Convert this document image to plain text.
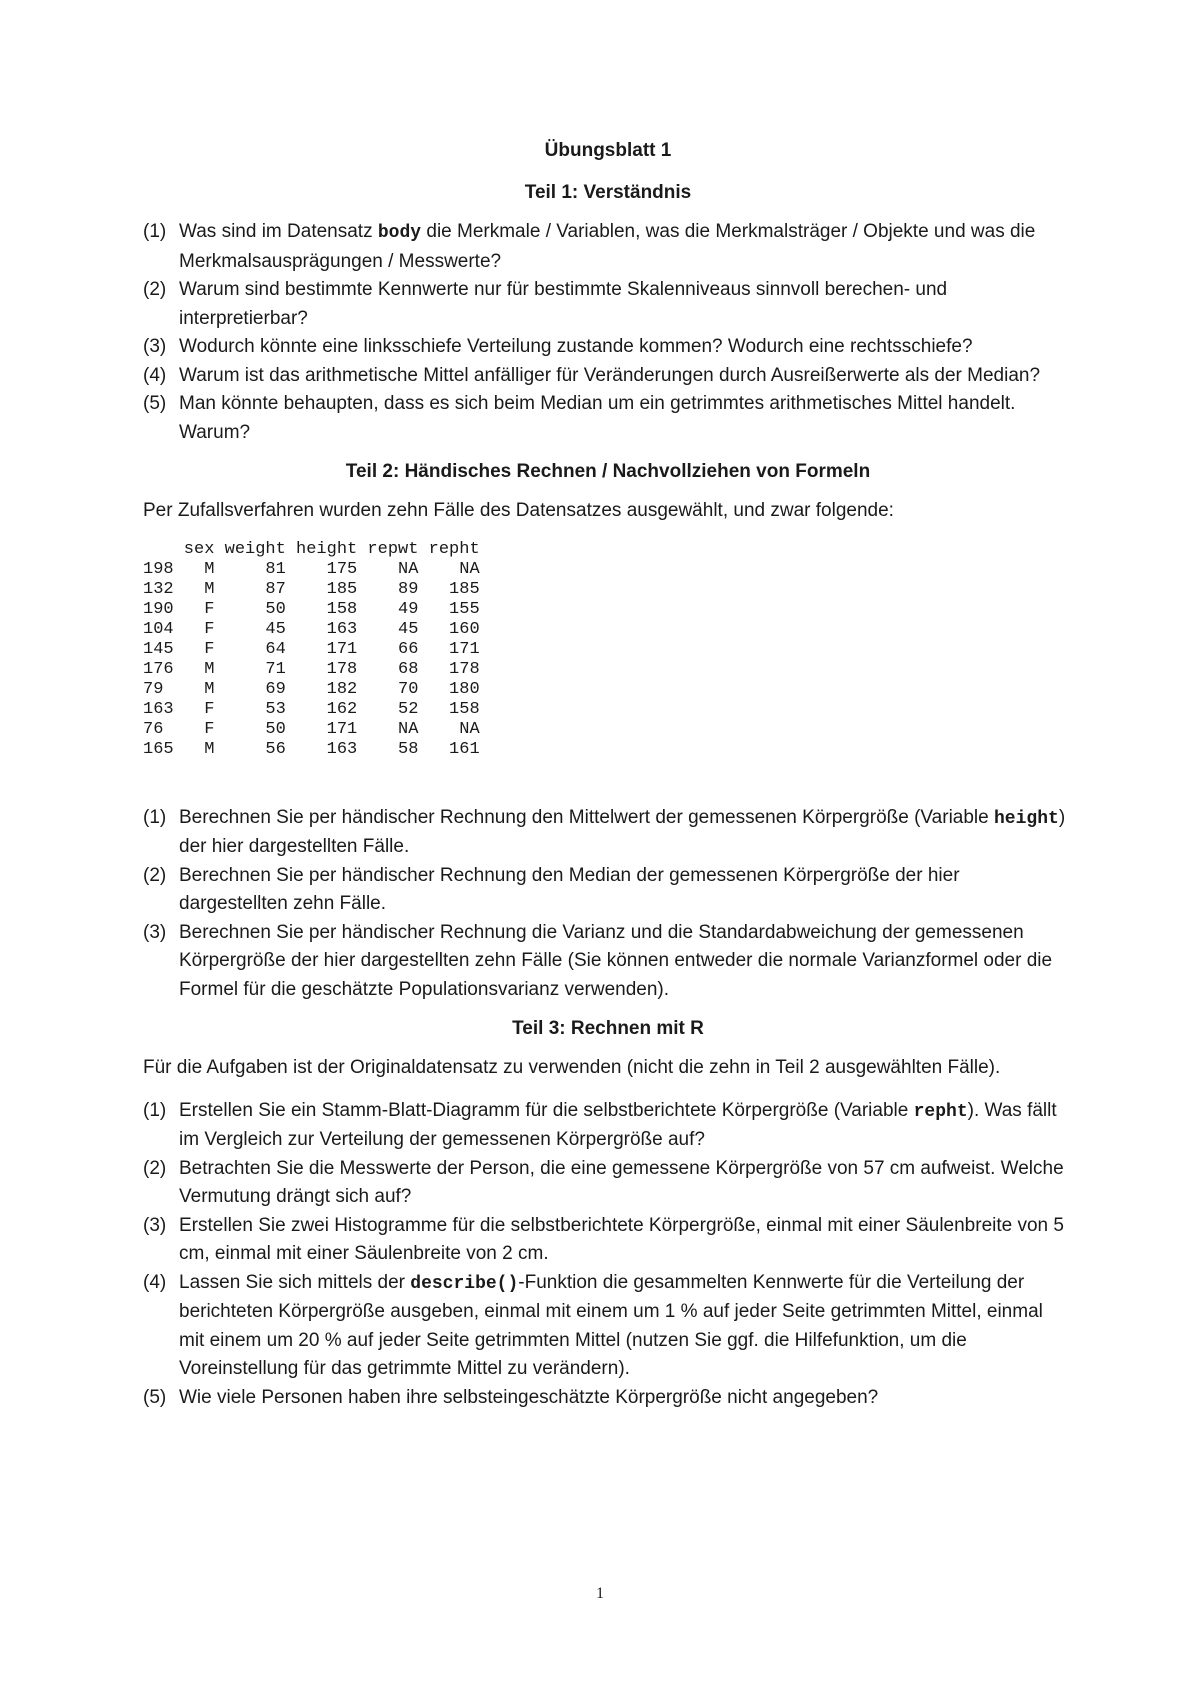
Übungsblatt 1
Teil 1: Verständnis
(1) Was sind im Datensatz body die Merkmale / Variablen, was die Merkmalsträger / Objekte und was die Merkmalsausprägungen / Messwerte?
(2) Warum sind bestimmte Kennwerte nur für bestimmte Skalenniveaus sinnvoll berechen- und interpretierbar?
(3) Wodurch könnte eine linksschiefe Verteilung zustande kommen? Wodurch eine rechtsschiefe?
(4) Warum ist das arithmetische Mittel anfälliger für Veränderungen durch Ausreißerwerte als der Median?
(5) Man könnte behaupten, dass es sich beim Median um ein getrimmtes arithmetisches Mittel handelt. Warum?
Teil 2: Händisches Rechnen / Nachvollziehen von Formeln

Per Zufallsverfahren wurden zehn Fälle des Datensatzes ausgewählt, und zwar folgende:

sex weight height repwt repht
198   M     81    175    NA    NA
132   M     87    185    89   185
190   F     50    158    49   155
104   F     45    163    45   160
145   F     64    171    66   171
176   M     71    178    68   178
79    M     69    182    70   180
163   F     53    162    52   158
76    F     50    171    NA    NA
165   M     56    163    58   161
(1) Berechnen Sie per händischer Rechnung den Mittelwert der gemessenen Körpergröße (Variable height) der hier dargestellten Fälle.
(2) Berechnen Sie per händischer Rechnung den Median der gemessenen Körpergröße der hier dargestellten zehn Fälle.
(3) Berechnen Sie per händischer Rechnung die Varianz und die Standardabweichung der gemessenen Körpergröße der hier dargestellten zehn Fälle (Sie können entweder die normale Varianzformel oder die Formel für die geschätzte Populationsvarianz verwenden).
Teil 3: Rechnen mit R

Für die Aufgaben ist der Originaldatensatz zu verwenden (nicht die zehn in Teil 2 ausgewählten Fälle).

(1) Erstellen Sie ein Stamm-Blatt-Diagramm für die selbstberichtete Körpergröße (Variable repht). Was fällt im Vergleich zur Verteilung der gemessenen Körpergröße auf?
(2) Betrachten Sie die Messwerte der Person, die eine gemessene Körpergröße von 57 cm aufweist. Welche Vermutung drängt sich auf?
(3) Erstellen Sie zwei Histogramme für die selbstberichtete Körpergröße, einmal mit einer Säulenbreite von 5 cm, einmal mit einer Säulenbreite von 2 cm.
(4) Lassen Sie sich mittels der describe()-Funktion die gesammelten Kennwerte für die Verteilung der berichteten Körpergröße ausgeben, einmal mit einem um 1 % auf jeder Seite getrimmten Mittel, einmal mit einem um 20 % auf jeder Seite getrimmten Mittel (nutzen Sie ggf. die Hilfefunktion, um die Voreinstellung für das getrimmte Mittel zu verändern).
(5) Wie viele Personen haben ihre selbsteingeschätzte Körpergröße nicht angegeben?
1
